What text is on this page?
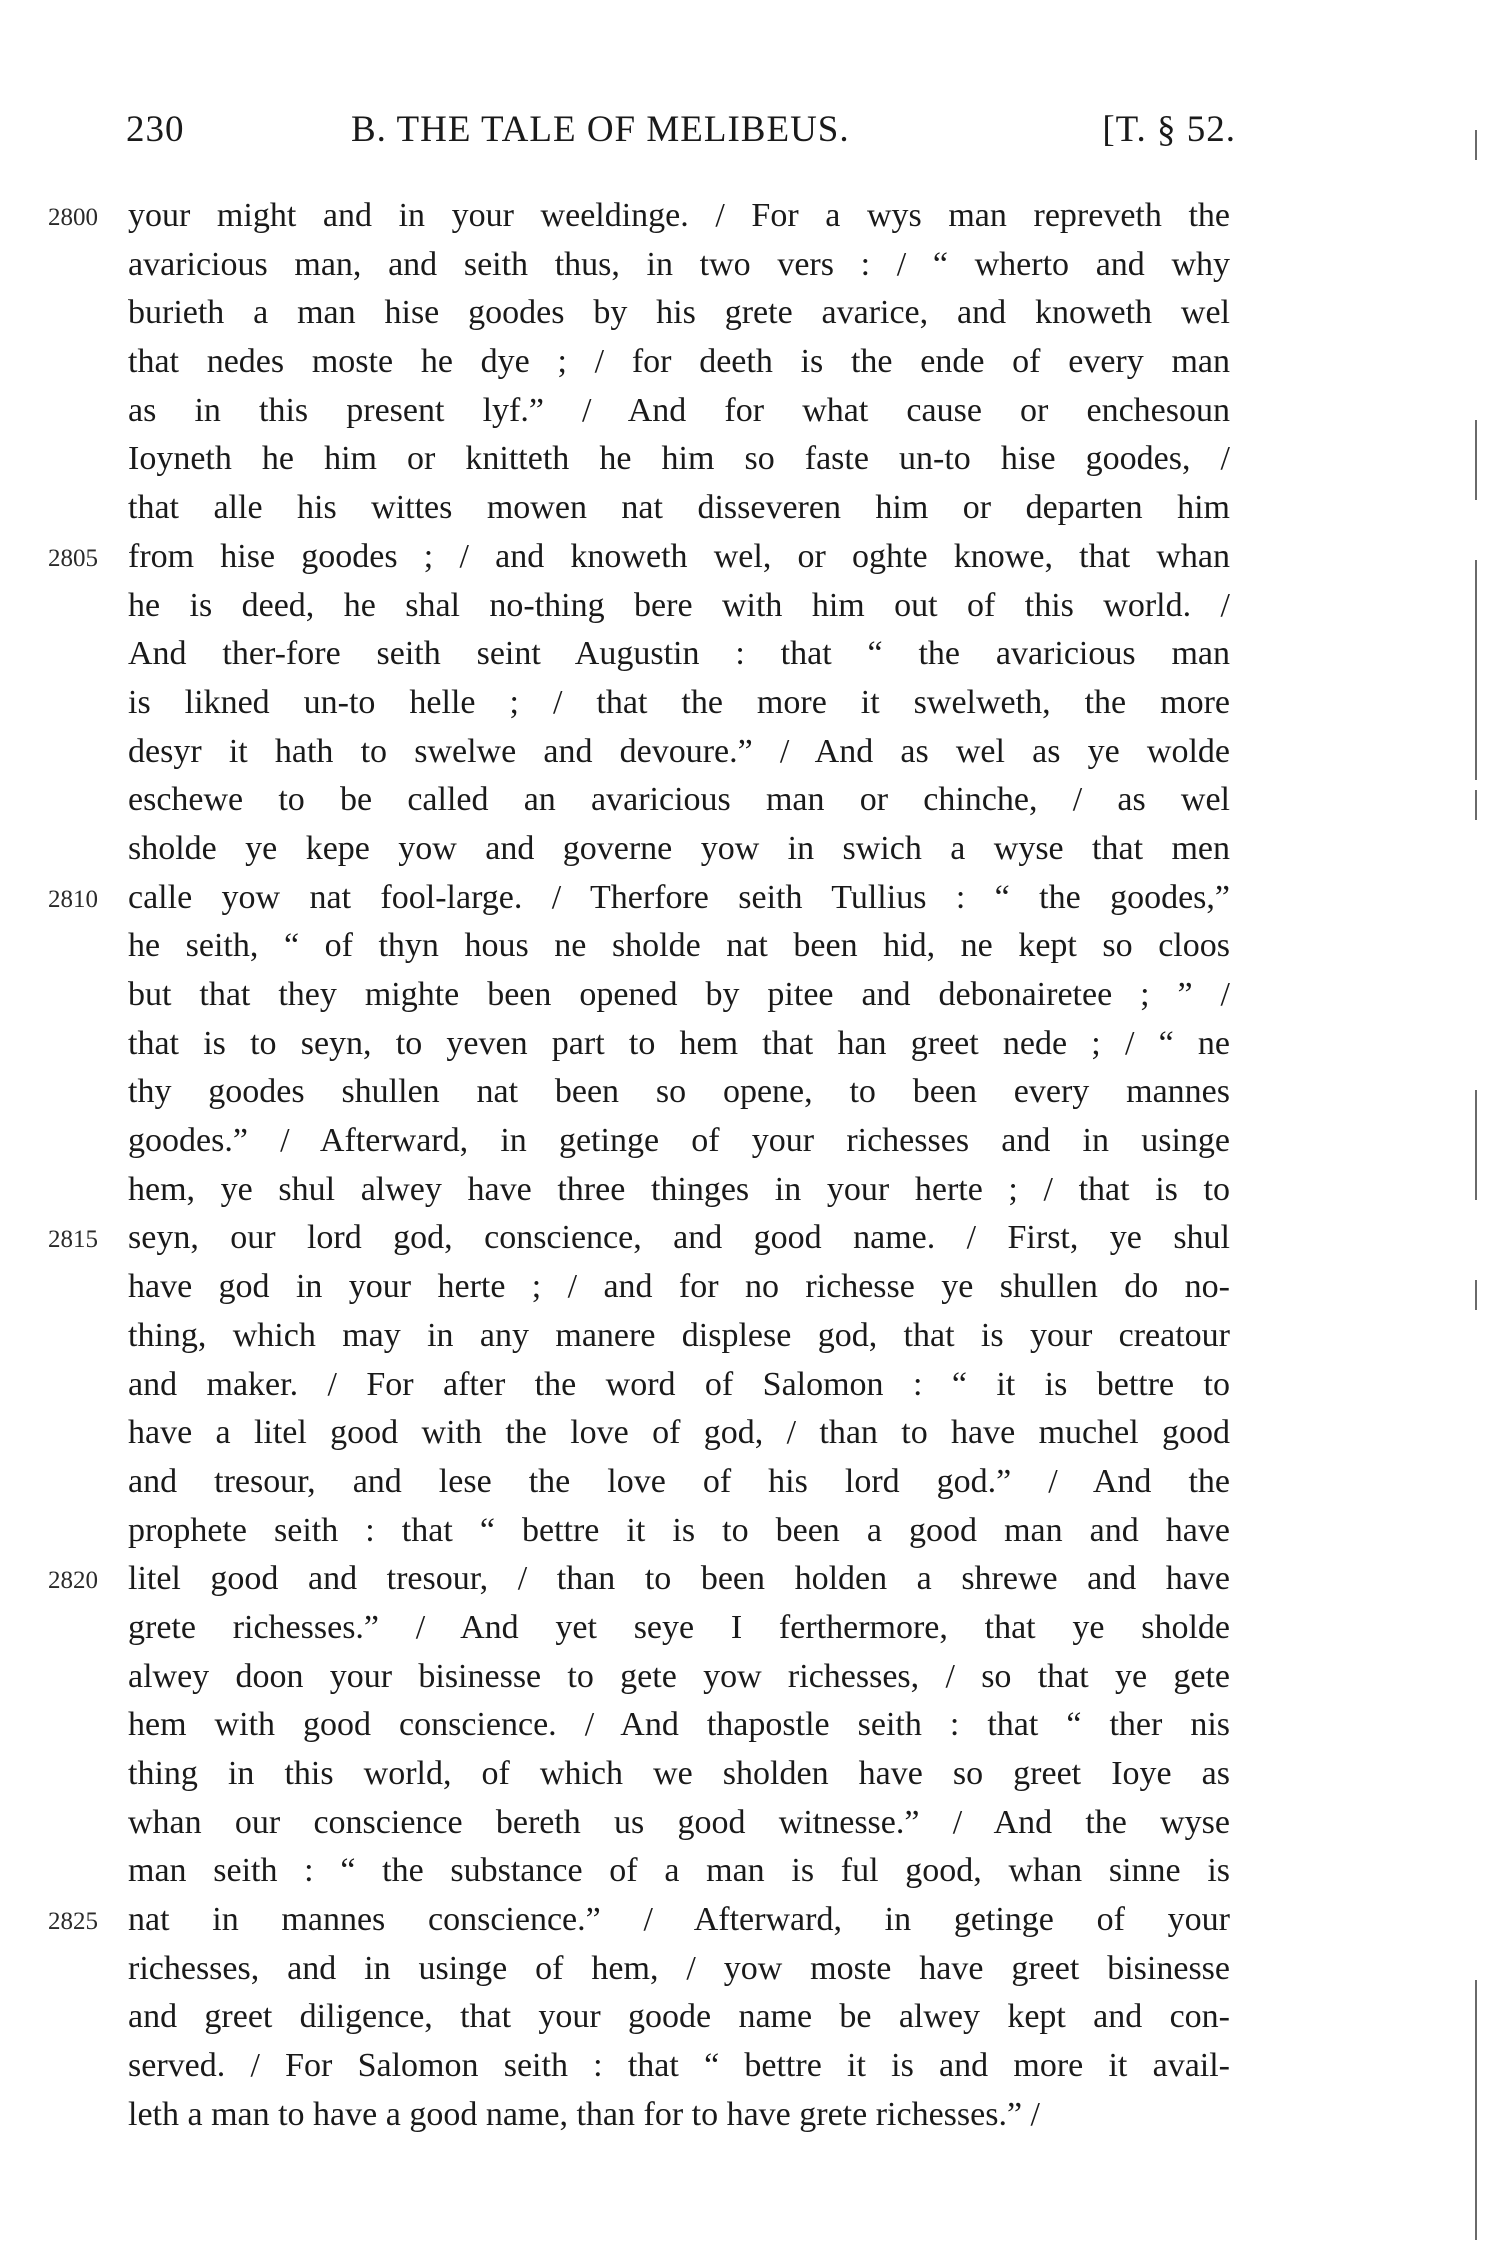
230	B. THE TALE OF MELIBEUS.	[T. § 52.
2800 your might and in your weeldinge. / For a wys man repreveth the
avaricious man, and seith thus, in two vers : / “ wherto and why
burieth a man hise goodes by his grete avarice, and knoweth wel
that nedes moste he dye ; / for deeth is the ende of every man
as in this present lyf.” / And for what cause or enchesoun
Ioyneth he him or knitteth he him so faste un-to hise goodes, /
that alle his wittes mowen nat disseveren him or departen him
2805 from hise goodes ; / and knoweth wel, or oghte knowe, that whan
he is deed, he shal no-thing bere with him out of this world. /
And ther-fore seith seint Augustin : that “ the avaricious man
is likned un-to helle ; / that the more it swelweth, the more
desyr it hath to swelwe and devoure.” / And as wel as ye wolde
eschewe to be called an avaricious man or chinche, / as wel
sholde ye kepe yow and governe yow in swich a wyse that men
2810 calle yow nat fool-large. / Therfore seith Tullius : “ the goodes,”
he seith, “ of thyn hous ne sholde nat been hid, ne kept so cloos
but that they mighte been opened by pitee and debonairetee ; ” /
that is to seyn, to yeven part to hem that han greet nede ; / “ ne
thy goodes shullen nat been so opene, to been every mannes
goodes.” / Afterward, in getinge of your richesses and in usinge
hem, ye shul alwey have three thinges in your herte ; / that is to
2815 seyn, our lord god, conscience, and good name. / First, ye shul
have god in your herte ; / and for no richesse ye shullen do no-
thing, which may in any manere displese god, that is your creatour
and maker. / For after the word of Salomon : “ it is bettre to
have a litel good with the love of god, / than to have muchel good
and tresour, and lese the love of his lord god.” / And the
prophete seith : that “ bettre it is to been a good man and have
2820 litel good and tresour, / than to been holden a shrewe and have
grete richesses.” / And yet seye I ferthermore, that ye sholde
alwey doon your bisinesse to gete yow richesses, / so that ye gete
hem with good conscience. / And thapostle seith : that “ ther nis
thing in this world, of which we sholden have so greet Ioye as
whan our conscience bereth us good witnesse.” / And the wyse
man seith : “ the substance of a man is ful good, whan sinne is
2825 nat in mannes conscience.” / Afterward, in getinge of your
richesses, and in usinge of hem, / yow moste have greet bisinesse
and greet diligence, that your goode name be alwey kept and con-
served. / For Salomon seith : that “ bettre it is and more it avail-
leth a man to have a good name, than for to have grete richesses.” /
